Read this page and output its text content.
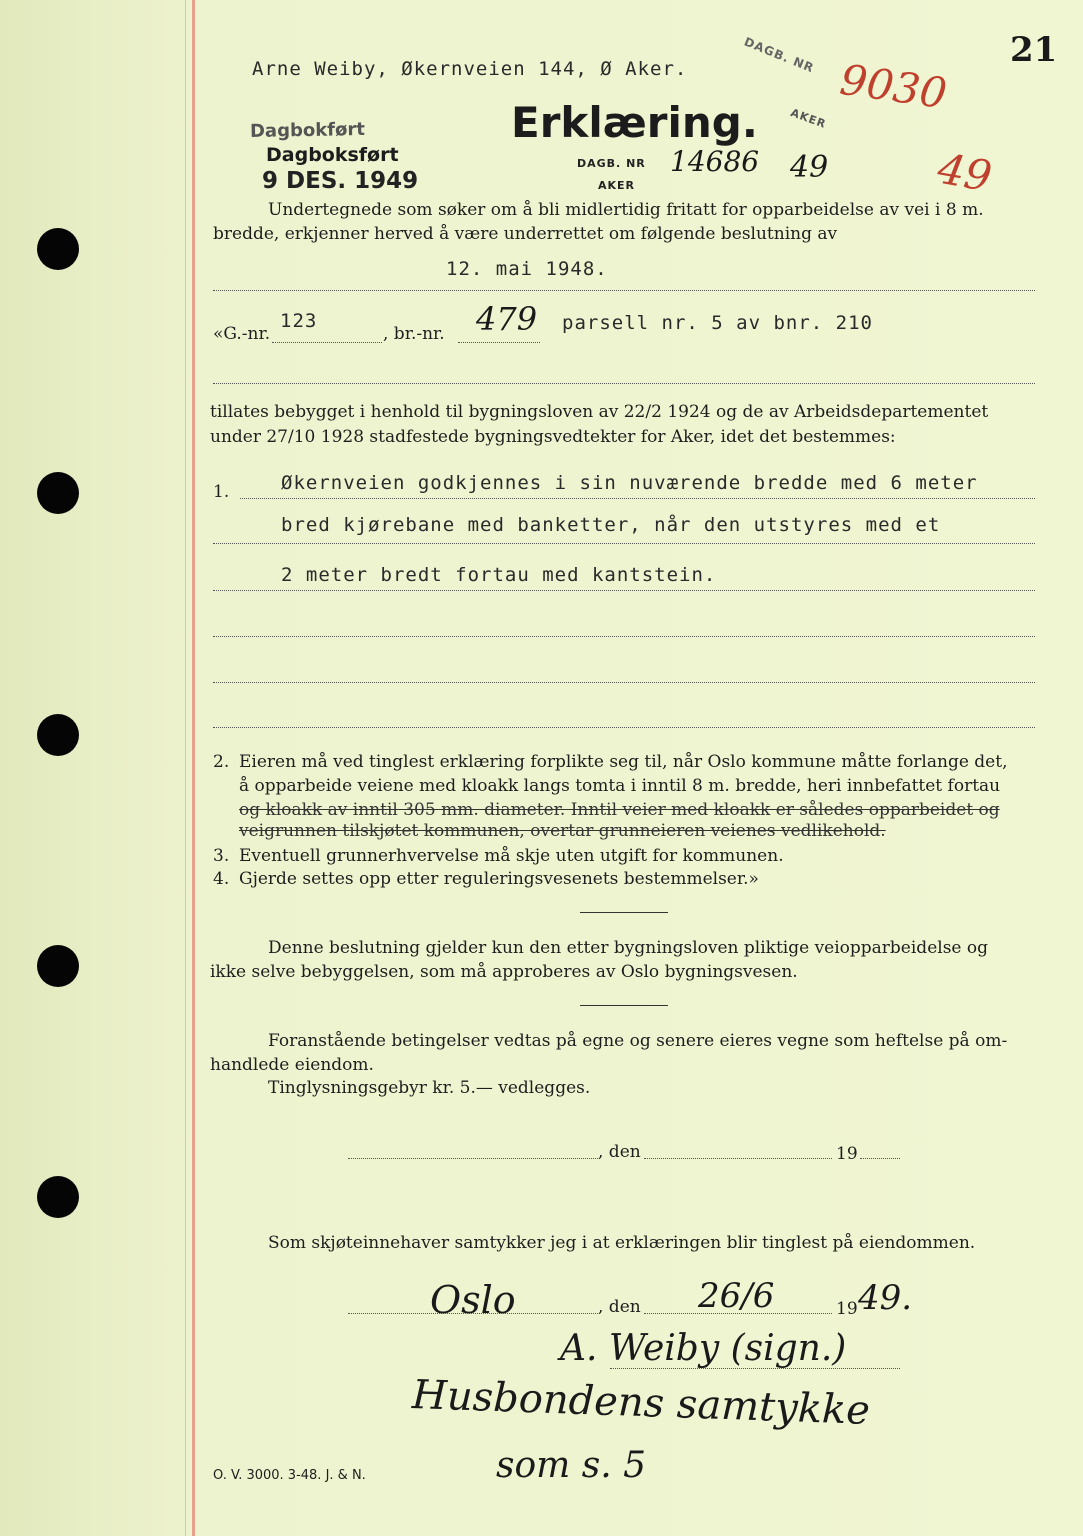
Arne Weiby, Økernveien 144, Ø Aker.
Erklæring.
21
Dagbokført
Dagboksført
9 DES. 1949
DAGB. NR
AKER
14686 49
9030
49
DAGB. NR
AKER
Undertegnede som søker om å bli midlertidig fritatt for opparbeidelse av vei i 8 m.
bredde, erkjenner herved å være underrettet om følgende beslutning av
12. mai 1948.
«G.-nr.
123
, br.-nr. 479 parsell nr. 5 av bnr. 210
tillates bebygget i henhold til bygningsloven av 22/2 1924 og de av Arbeidsdepartementet
under 27/10 1928 stadfestede bygningsvedtekter for Aker, idet det bestemmes:
1.	Økernveien godkjennes i sin nuværende bredde med 6 meter
bred kjørebane med banketter, når den utstyres med et
2 meter bredt fortau med kantstein.
2. Eieren må ved tinglest erklæring forplikte seg til, når Oslo kommune måtte forlange det,
å opparbeide veiene med kloakk langs tomta i inntil 8 m. bredde, heri innbefattet fortau
og kloakk av inntil 305 mm. diameter. Inntil veier med kloakk er således opparbeidet og
veigrunnen tilskjøtet kommunen, overtar grunneieren veienes vedlikehold.
3. Eventuell grunnerhvervelse må skje uten utgift for kommunen.
4. Gjerde settes opp etter reguleringsvesenets bestemmelser.»
Denne beslutning gjelder kun den etter bygningsloven pliktige veiopparbeidelse og
ikke selve bebyggelsen, som må approberes av Oslo bygningsvesen.
Foranstående betingelser vedtas på egne og senere eieres vegne som heftelse på om-
handlede eiendom.
Tinglysningsgebyr kr. 5.— vedlegges.
, den	19
Som skjøteinnehaver samtykker jeg i at erklæringen blir tinglest på eiendommen.
Oslo	, den 26/6	19 49.
A. Weiby (sign.)
Husbondens samtykke
som s. 5
O. V. 3000. 3-48. J. & N.
